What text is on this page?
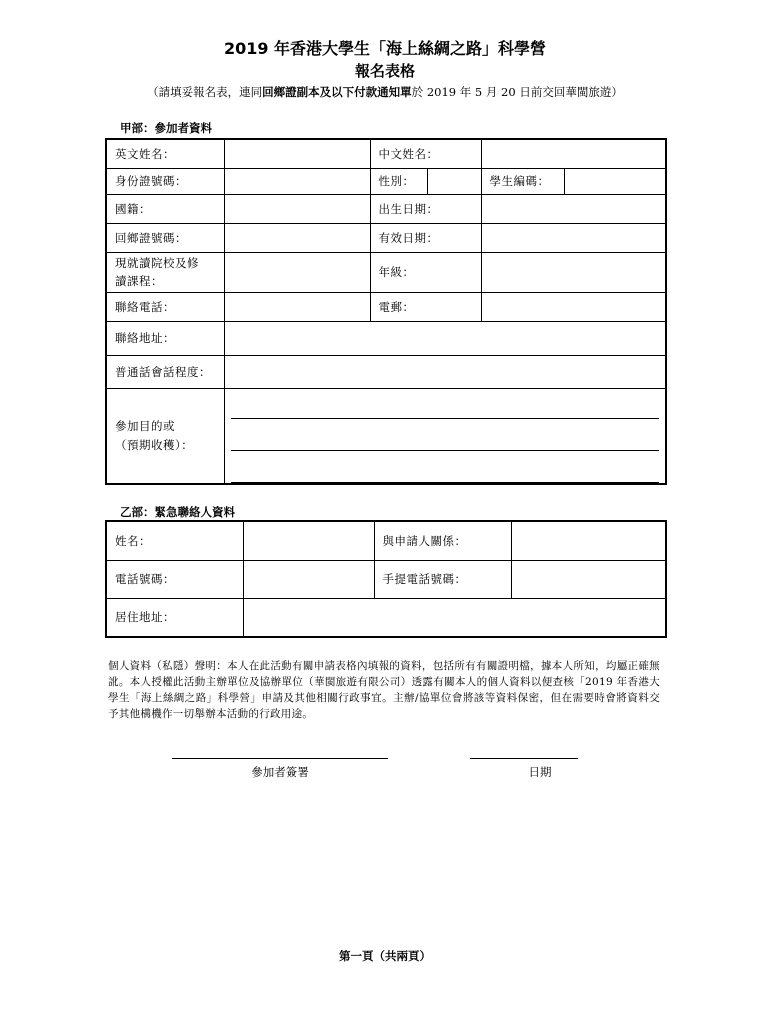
2019 年香港大學生「海上絲綢之路」科學營
報名表格
（請填妥報名表，連同回鄉證副本及以下付款通知單於 2019 年 5 月 20 日前交回華閩旅遊）
甲部：參加者資料
英文姓名：		中文姓名：			
身份證號碼：		性別：		學生編碼：	
國籍：		出生日期：			
回鄉證號碼：		有效日期：			

現就讀院校及修
讀課程：		年級：			
聯絡電話：		電郵：			
聯絡地址：					
普通話會話程度：					

參加目的或
（預期收穫）：					

乙部：緊急聯絡人資料
姓名：		與申請人關係：	
電話號碼：		手提電話號碼：	
居住地址：			
個人資料（私隱）聲明：本人在此活動有關申請表格內填報的資料，包括所有有關證明檔，據本人所知，均屬正確無訛。本人授權此活動主辦單位及協辦單位（華閩旅遊有限公司）透露有關本人的個人資料以便查核「2019 年香港大學生「海上絲綢之路」科學營」申請及其他相關行政事宜。主辦/協單位會將該等資料保密，但在需要時會將資料交予其他構機作一切舉辦本活動的行政用途。
參加者簽署	日期
第一頁（共兩頁）
